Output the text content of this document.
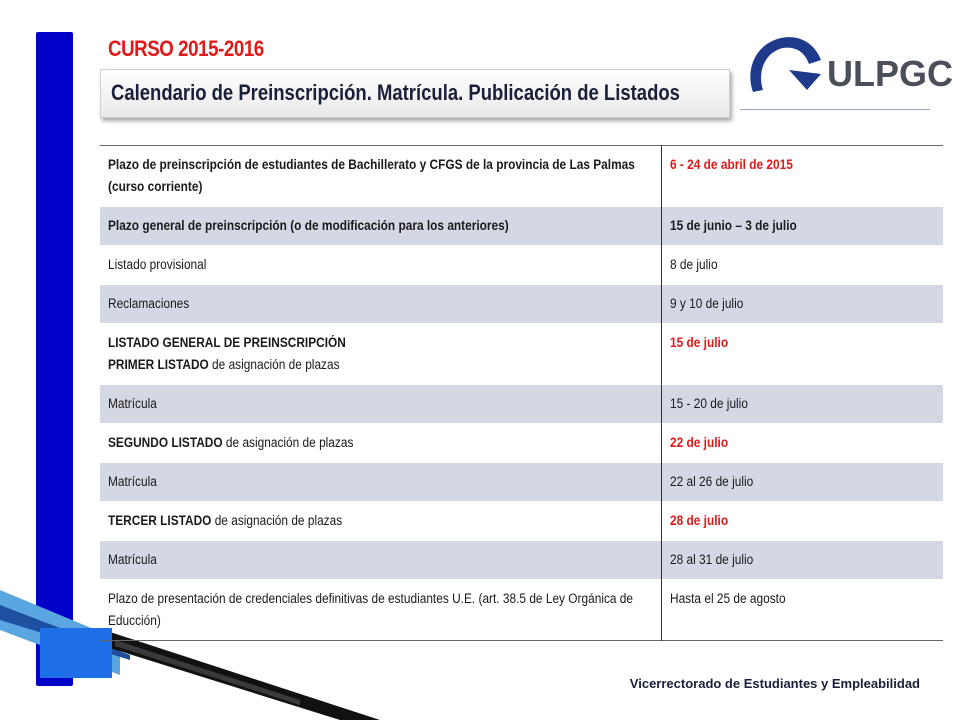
CURSO 2015-2016
Calendario de Preinscripción. Matrícula. Publicación de Listados	ULPGC
Plazo de preinscripción de estudiantes de Bachillerato y CFGS de la provincia de Las Palmas (curso corriente)	6 - 24 de abril de 2015
Plazo general de preinscripción (o de modificación para los anteriores)	15 de junio – 3 de julio
Listado provisional	8 de julio
Reclamaciones	9 y 10 de julio
LISTADO GENERAL DE PREINSCRIPCIÓN
PRIMER LISTADO de asignación de plazas	15 de julio
Matrícula	15 - 20 de julio
SEGUNDO LISTADO de asignación de plazas	22 de julio
Matrícula	22 al 26 de julio
TERCER LISTADO de asignación de plazas	28 de julio
Matrícula	28 al 31 de julio

Plazo de presentación de credenciales definitivas de estudiantes U.E. (art. 38.5 de Ley Orgánica de Educción)	Hasta el 25 de agosto
Vicerrectorado de Estudiantes y Empleabilidad
